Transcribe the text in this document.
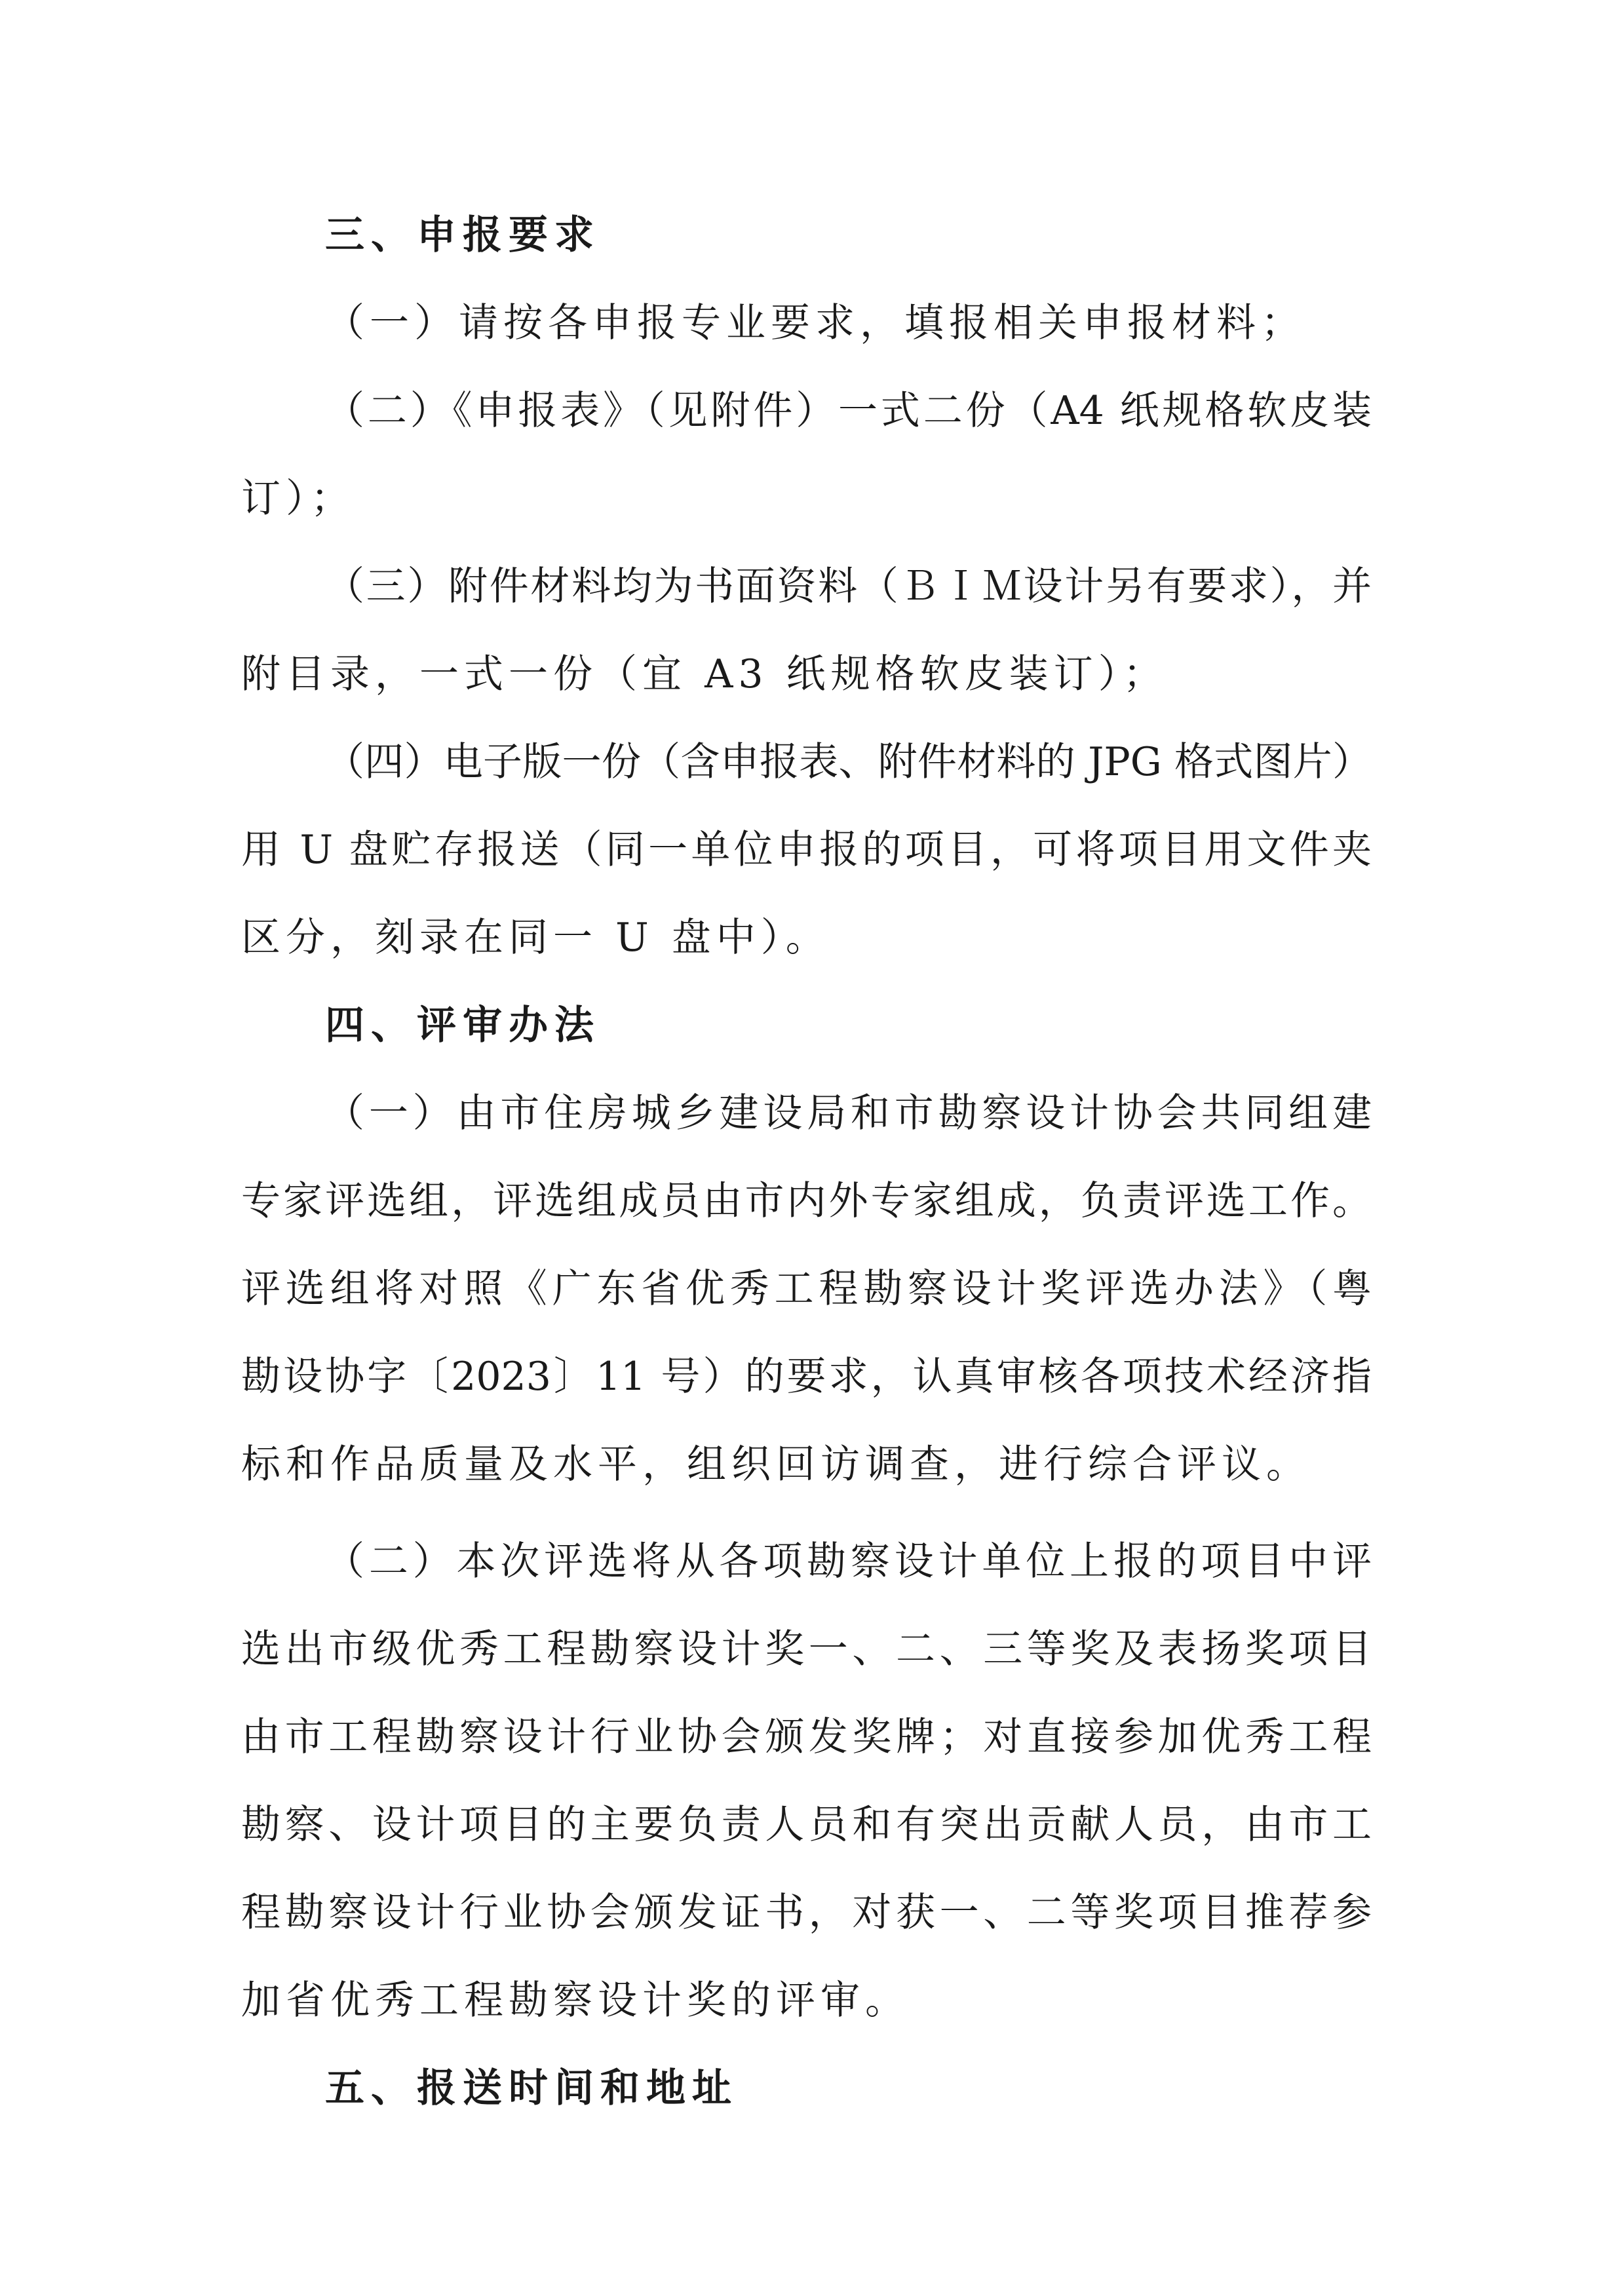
三、申报要求
（一）请按各申报专业要求，填报相关申报材料；
（二）《申报表》（见附件）一式二份（A4 纸规格软皮装
订）；
（三）附件材料均为书面资料（ＢＩＭ设计另有要求），并
附目录，一式一份（宜 A3 纸规格软皮装订）；
（四）电子版一份（含申报表、附件材料的 JPG 格式图片）
用 U 盘贮存报送（同一单位申报的项目，可将项目用文件夹
区分，刻录在同一 U 盘中）。
四、评审办法
（一）由市住房城乡建设局和市勘察设计协会共同组建
专家评选组，评选组成员由市内外专家组成，负责评选工作。
评选组将对照《广东省优秀工程勘察设计奖评选办法》（粤
勘设协字〔2023〕11 号）的要求，认真审核各项技术经济指
标和作品质量及水平，组织回访调查，进行综合评议。
（二）本次评选将从各项勘察设计单位上报的项目中评
选出市级优秀工程勘察设计奖一、二、三等奖及表扬奖项目
由市工程勘察设计行业协会颁发奖牌；对直接参加优秀工程
勘察、设计项目的主要负责人员和有突出贡献人员，由市工
程勘察设计行业协会颁发证书，对获一、二等奖项目推荐参
加省优秀工程勘察设计奖的评审。
五、报送时间和地址
